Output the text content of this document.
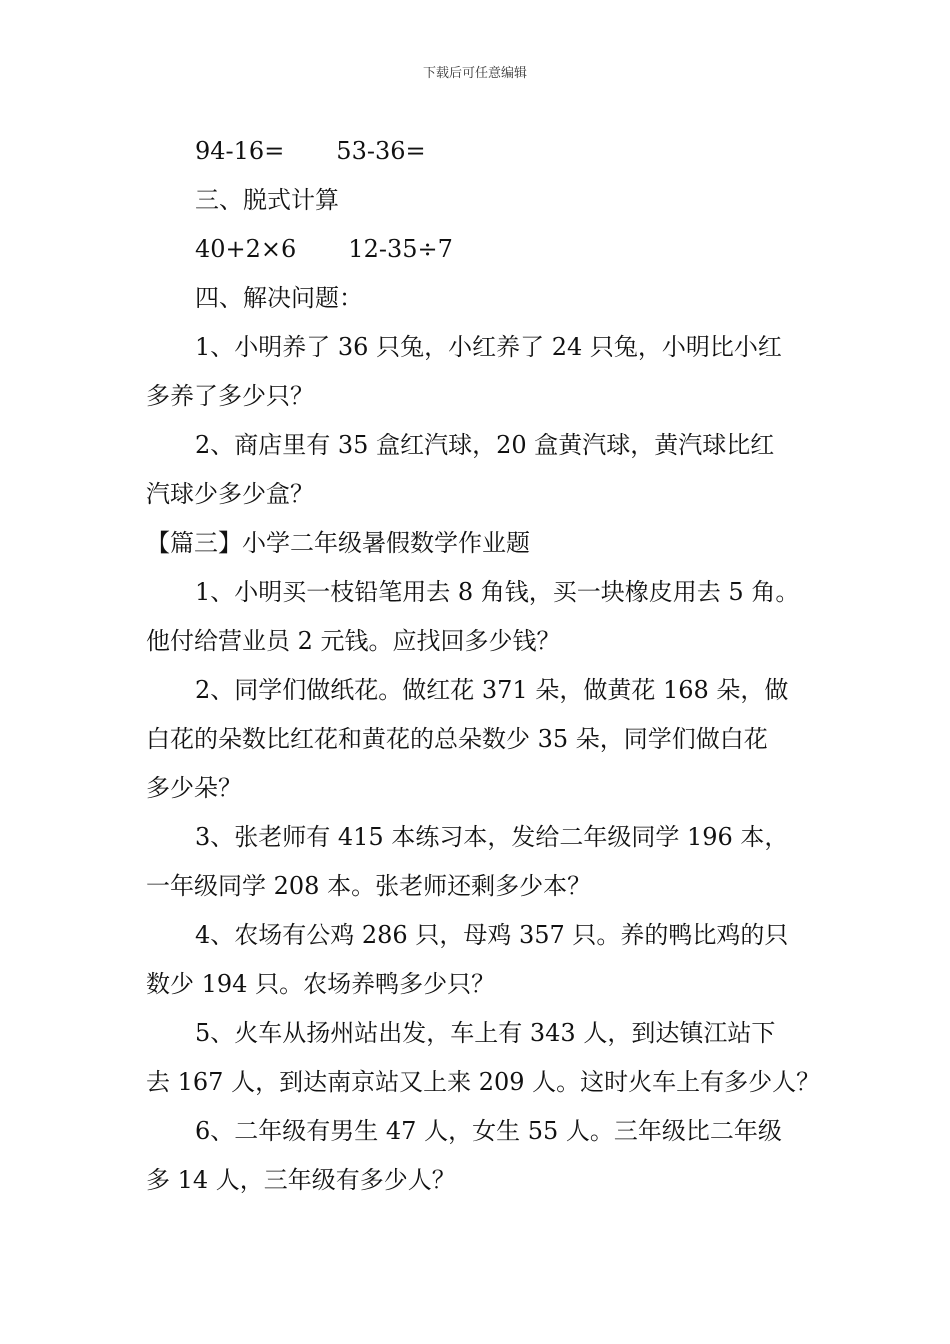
下载后可任意编辑
94-16= 53-36=
三、脱式计算
40+2×6 12-35÷7
四、解决问题：
1、小明养了 36 只兔，小红养了 24 只兔，小明比小红
多养了多少只？
2、商店里有 35 盒红汽球，20 盒黄汽球，黄汽球比红
汽球少多少盒？
【篇三】小学二年级暑假数学作业题
1、小明买一枝铅笔用去 8 角钱，买一块橡皮用去 5 角。
他付给营业员 2 元钱。应找回多少钱？
2、同学们做纸花。做红花 371 朵，做黄花 168 朵，做
白花的朵数比红花和黄花的总朵数少 35 朵，同学们做白花
多少朵？
3、张老师有 415 本练习本，发给二年级同学 196 本，
一年级同学 208 本。张老师还剩多少本？
4、农场有公鸡 286 只，母鸡 357 只。养的鸭比鸡的只
数少 194 只。农场养鸭多少只？
5、火车从扬州站出发，车上有 343 人，到达镇江站下
去 167 人，到达南京站又上来 209 人。这时火车上有多少人？
6、二年级有男生 47 人，女生 55 人。三年级比二年级
多 14 人，三年级有多少人？
